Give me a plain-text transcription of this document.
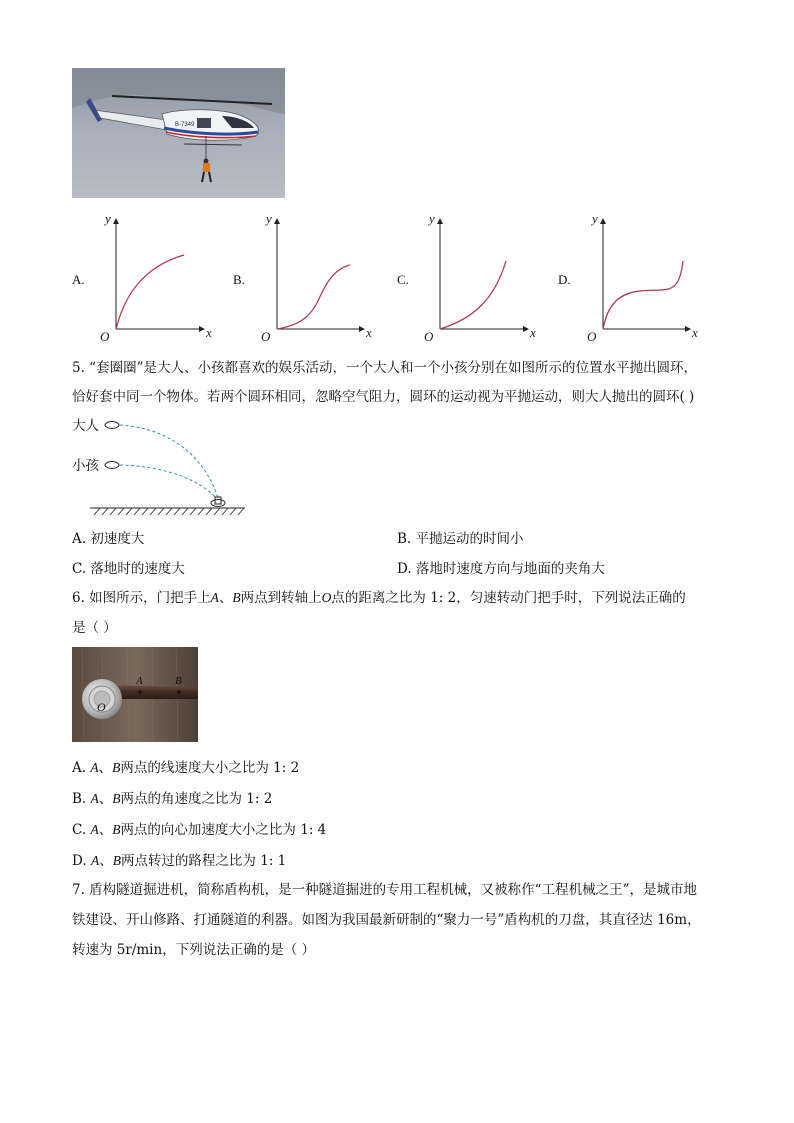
B-7349
A.	B.	C.	D.
y
x
O
y
x
O
y
x
O
y
x
O
5. “套圈圈”是大人、小孩都喜欢的娱乐活动，一个大人和一个小孩分别在如图所示的位置水平抛出圆环，
恰好套中同一个物体。若两个圆环相同，忽略空气阻力，圆环的运动视为平抛运动，则大人抛出的圆环( )
大人
小孩
A. 初速度大	B. 平抛运动的时间小
C. 落地时的速度大	D. 落地时速度方向与地面的夹角大
6. 如图所示，门把手上A、B两点到转轴上O点的距离之比为 1: 2，匀速转动门把手时，下列说法正确的
是（ ）
A	B
O
A. A、B两点的线速度大小之比为 1: 2
B. A、B两点的角速度之比为 1: 2
C. A、B两点的向心加速度大小之比为 1: 4
D. A、B两点转过的路程之比为 1: 1
7. 盾构隧道掘进机，简称盾构机，是一种隧道掘进的专用工程机械，又被称作“工程机械之王”，是城市地
铁建设、开山修路、打通隧道的利器。如图为我国最新研制的“聚力一号”盾构机的刀盘，其直径达 16m，
转速为 5r/min，下列说法正确的是（ ）
